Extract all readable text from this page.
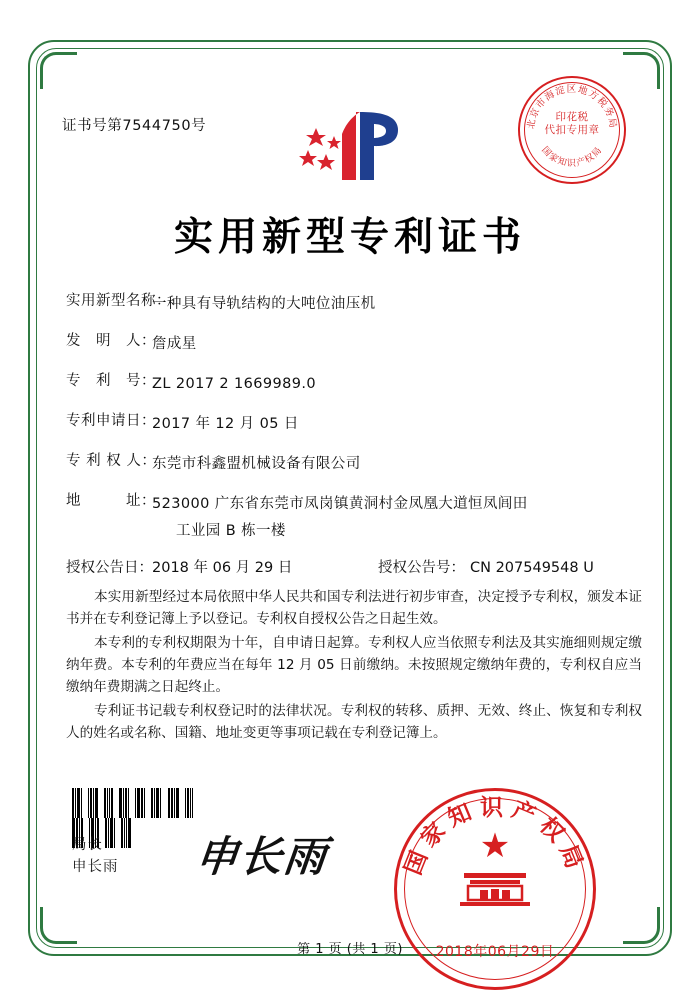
证书号第7544750号	北京市海淀区地方税务局
国家知识产权局
印花税
代扣专用章
实用新型专利证书
实用新型名称：
一种具有导轨结构的大吨位油压机
发　明　人：
詹成星
专　利　号：
ZL 2017 2 1669989.0
专利申请日：
2017 年 12 月 05 日
专 利 权 人：
东莞市科鑫盟机械设备有限公司
地　　　址：
523000 广东省东莞市凤岗镇黄洞村金凤凰大道恒凤闾田
工业园 B 栋一楼
授权公告日： 2018 年 06 月 29 日	授权公告号： CN 207549548 U

本实用新型经过本局依照中华人民共和国专利法进行初步审查，决定授予专利权，颁发本证书并在专利登记簿上予以登记。专利权自授权公告之日起生效。

本专利的专利权期限为十年，自申请日起算。专利权人应当依照专利法及其实施细则规定缴纳年费。本专利的年费应当在每年 12 月 05 日前缴纳。未按照规定缴纳年费的，专利权自应当缴纳年费期满之日起终止。

专利证书记载专利权登记时的法律状况。专利权的转移、质押、无效、终止、恢复和专利权人的姓名或名称、国籍、地址变更等事项记载在专利登记簿上。

局长
申长雨 申长雨	国家知识产权局
★
2018年06月29日
第 1 页 (共 1 页)
